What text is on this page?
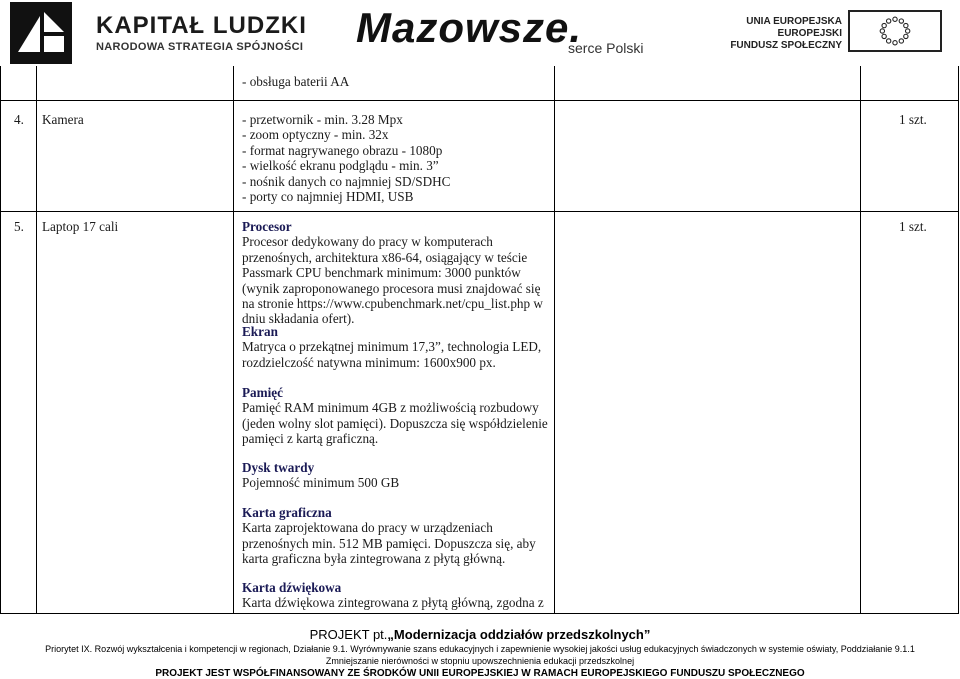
KAPITAŁ LUDZKI
NARODOWA STRATEGIA SPÓJNOŚCI Mazowsze.
serce Polski
UNIA EUROPEJSKA
EUROPEJSKI
FUNDUSZ SPOŁECZNY
- obsługa baterii AA
4. Kamera	- przetwornik - min. 3.28 Mpx
- zoom optyczny - min. 32x
- format nagrywanego obrazu - 1080p
- wielkość ekranu podglądu - min. 3”
- nośnik danych co najmniej SD/SDHC
- porty co najmniej HDMI, USB
1 szt.
5. Laptop 17 cali	1 szt.
Procesor
Procesor dedykowany do pracy w komputerach
przenośnych, architektura x86-64, osiągający w teście
Passmark CPU benchmark minimum: 3000 punktów
(wynik zaproponowanego procesora musi znajdować się
na stronie https://www.cpubenchmark.net/cpu_list.php w
dniu składania ofert).
Ekran
Matryca o przekątnej minimum 17,3”, technologia LED,
rozdzielczość natywna minimum: 1600x900 px.
Pamięć
Pamięć RAM minimum 4GB z możliwością rozbudowy
(jeden wolny slot pamięci). Dopuszcza się współdzielenie
pamięci z kartą graficzną.
Dysk twardy
Pojemność minimum 500 GB
Karta graficzna
Karta zaprojektowana do pracy w urządzeniach
przenośnych min. 512 MB pamięci. Dopuszcza się, aby
karta graficzna była zintegrowana z płytą główną.
Karta dźwiękowa
Karta dźwiękowa zintegrowana z płytą główną, zgodna z
PROJEKT pt.„Modernizacja oddziałów przedszkolnych”
Priorytet IX. Rozwój wykształcenia i kompetencji w regionach, Działanie 9.1. Wyrównywanie szans edukacyjnych i zapewnienie wysokiej jakości usług edukacyjnych świadczonych w systemie oświaty, Poddziałanie 9.1.1
Zmniejszanie nierówności w stopniu upowszechnienia edukacji przedszkolnej
PROJEKT JEST WSPÓŁFINANSOWANY ZE ŚRODKÓW UNII EUROPEJSKIEJ W RAMACH EUROPEJSKIEGO FUNDUSZU SPOŁECZNEGO
